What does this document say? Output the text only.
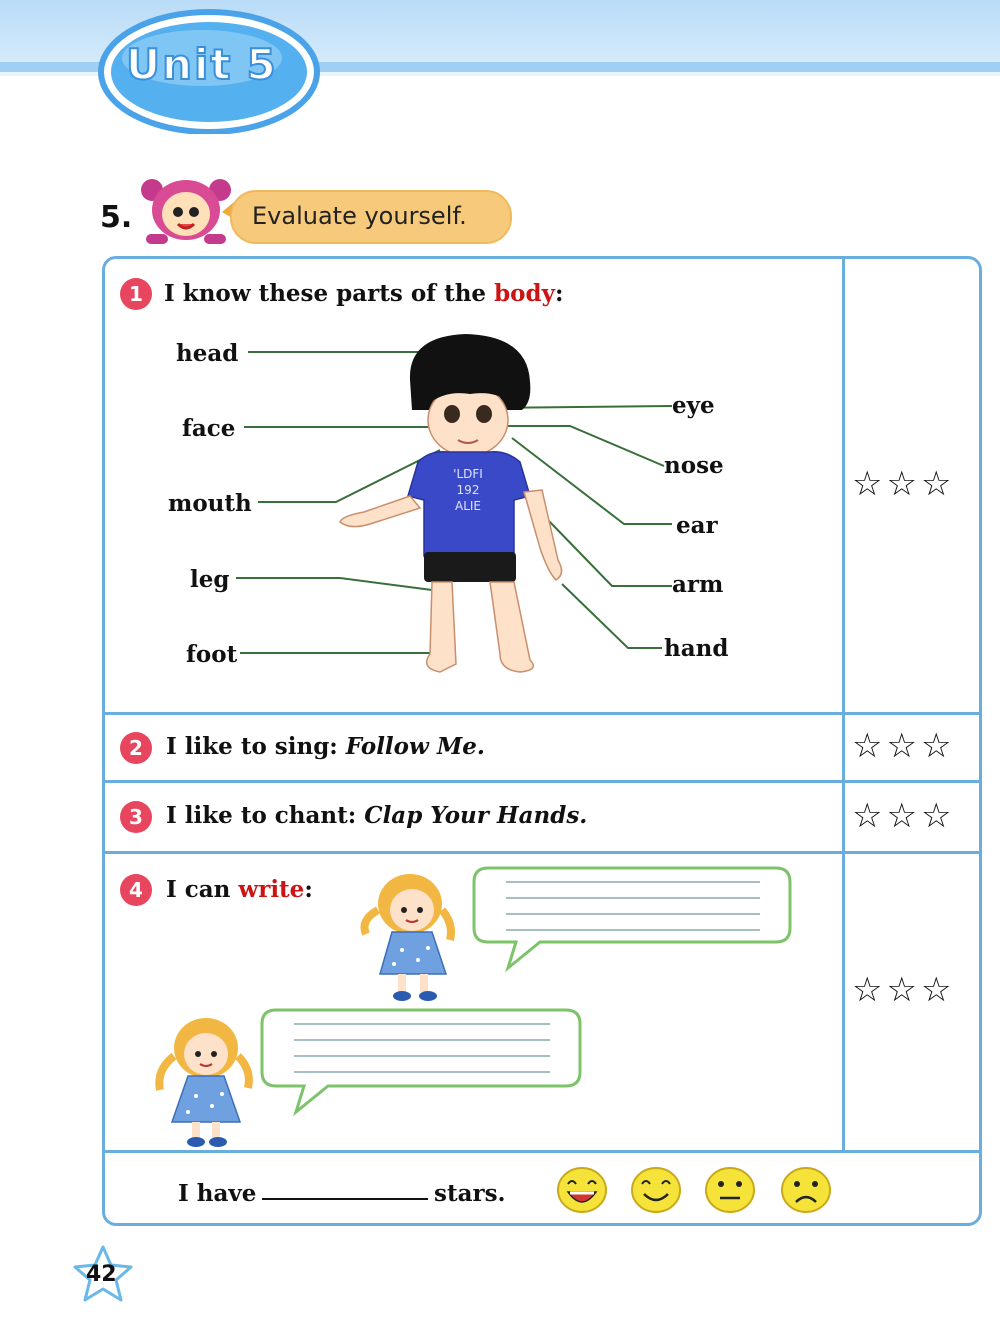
Unit 5
5.	Evaluate yourself.
1 I know these parts of the body:
☆☆☆
'LDFI
192
ALIE
head
face
mouth
leg
foot
eye
nose
ear
arm
hand
2	I like to sing: Follow Me.	☆☆☆
3	I like to chant: Clap Your Hands.	☆☆☆
4	I can write:
☆☆☆
I have	stars.
42
